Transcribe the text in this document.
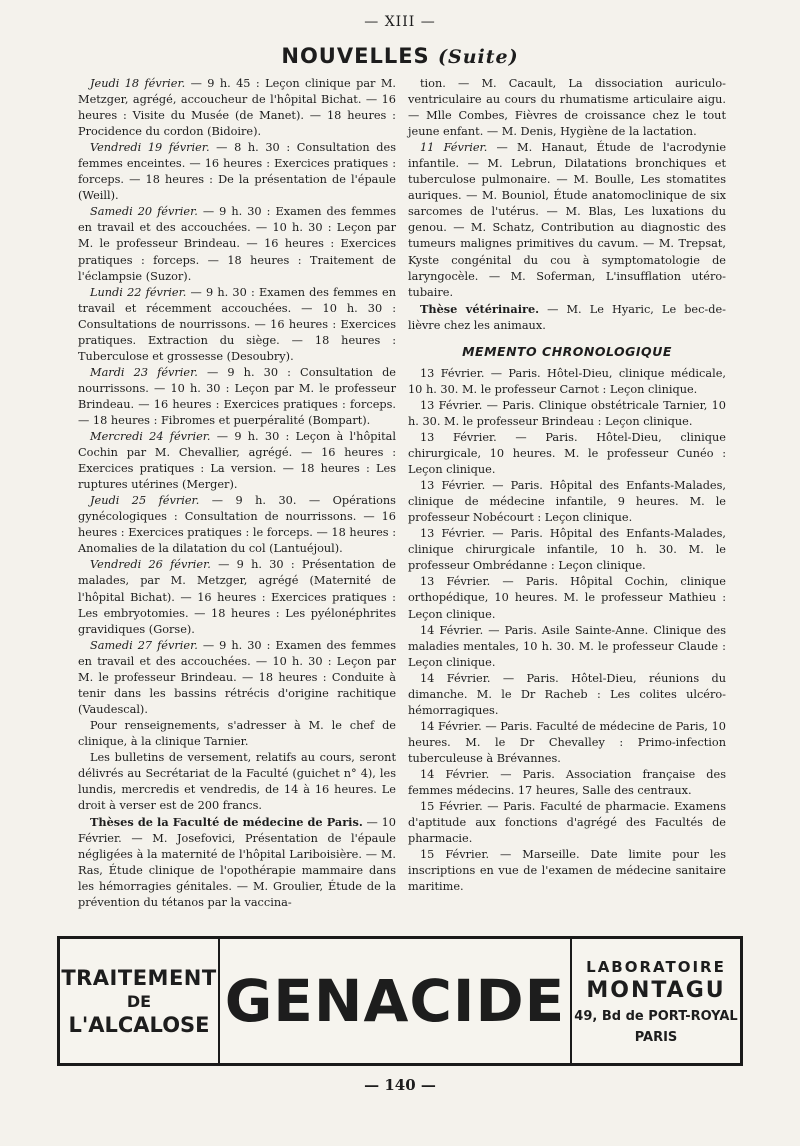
— XIII —
NOUVELLES (Suite)

Jeudi 18 février. — 9 h. 45 : Leçon clinique par M. Metzger, agrégé, accoucheur de l'hôpital Bichat. — 16 heures : Visite du Musée (de Manet). — 18 heures : Procidence du cordon (Bidoire).

Vendredi 19 février. — 8 h. 30 : Consultation des femmes enceintes. — 16 heures : Exercices pratiques : forceps. — 18 heures : De la présentation de l'épaule (Weill).

Samedi 20 février. — 9 h. 30 : Examen des femmes en travail et des accouchées. — 10 h. 30 : Leçon par M. le professeur Brindeau. — 16 heures : Exercices pratiques : forceps. — 18 heures : Traitement de l'éclampsie (Suzor).

Lundi 22 février. — 9 h. 30 : Examen des femmes en travail et récemment accouchées. — 10 h. 30 : Consultations de nourrissons. — 16 heures : Exercices pratiques. Extraction du siège. — 18 heures : Tuberculose et grossesse (Desoubry).

Mardi 23 février. — 9 h. 30 : Consultation de nourrissons. — 10 h. 30 : Leçon par M. le professeur Brindeau. — 16 heures : Exercices pratiques : forceps. — 18 heures : Fibromes et puerpéralité (Bompart).

Mercredi 24 février. — 9 h. 30 : Leçon à l'hôpital Cochin par M. Chevallier, agrégé. — 16 heures : Exercices pratiques : La version. — 18 heures : Les ruptures utérines (Merger).

Jeudi 25 février. — 9 h. 30. — Opérations gynécologiques : Consultation de nourrissons. — 16 heures : Exercices pratiques : le forceps. — 18 heures : Anomalies de la dilatation du col (Lantuéjoul).

Vendredi 26 février. — 9 h. 30 : Présentation de malades, par M. Metzger, agrégé (Maternité de l'hôpital Bichat). — 16 heures : Exercices pratiques : Les embryotomies. — 18 heures : Les pyélonéphrites gravidiques (Gorse).

Samedi 27 février. — 9 h. 30 : Examen des femmes en travail et des accouchées. — 10 h. 30 : Leçon par M. le professeur Brindeau. — 18 heures : Conduite à tenir dans les bassins rétrécis d'origine rachitique (Vaudescal).

Pour renseignements, s'adresser à M. le chef de clinique, à la clinique Tarnier.

Les bulletins de versement, relatifs au cours, seront délivrés au Secrétariat de la Faculté (guichet n° 4), les lundis, mercredis et vendredis, de 14 à 16 heures. Le droit à verser est de 200 francs.

Thèses de la Faculté de médecine de Paris. — 10 Février. — M. Josefovici, Présentation de l'épaule négligées à la maternité de l'hôpital Lariboisière. — M. Ras, Étude clinique de l'opothérapie mammaire dans les hémorragies génitales. — M. Groulier, Étude de la prévention du tétanos par la vaccina-

tion. — M. Cacault, La dissociation auriculo-ventriculaire au cours du rhumatisme articulaire aigu. — Mlle Combes, Fièvres de croissance chez le tout jeune enfant. — M. Denis, Hygiène de la lactation.

11 Février. — M. Hanaut, Étude de l'acrodynie infantile. — M. Lebrun, Dilatations bronchiques et tuberculose pulmonaire. — M. Boulle, Les stomatites auriques. — M. Bouniol, Étude anatomoclinique de six sarcomes de l'utérus. — M. Blas, Les luxations du genou. — M. Schatz, Contribution au diagnostic des tumeurs malignes primitives du cavum. — M. Trepsat, Kyste congénital du cou à symptomatologie de laryngocèle. — M. Soferman, L'insufflation utéro-tubaire.

Thèse vétérinaire. — M. Le Hyaric, Le bec-de-lièvre chez les animaux.

MEMENTO CHRONOLOGIQUE

13 Février. — Paris. Hôtel-Dieu, clinique médicale, 10 h. 30. M. le professeur Carnot : Leçon clinique.

13 Février. — Paris. Clinique obstétricale Tarnier, 10 h. 30. M. le professeur Brindeau : Leçon clinique.

13 Février. — Paris. Hôtel-Dieu, clinique chirurgicale, 10 heures. M. le professeur Cunéo : Leçon clinique.

13 Février. — Paris. Hôpital des Enfants-Malades, clinique de médecine infantile, 9 heures. M. le professeur Nobécourt : Leçon clinique.

13 Février. — Paris. Hôpital des Enfants-Malades, clinique chirurgicale infantile, 10 h. 30. M. le professeur Ombrédanne : Leçon clinique.

13 Février. — Paris. Hôpital Cochin, clinique orthopédique, 10 heures. M. le professeur Mathieu : Leçon clinique.

14 Février. — Paris. Asile Sainte-Anne. Clinique des maladies mentales, 10 h. 30. M. le professeur Claude : Leçon clinique.

14 Février. — Paris. Hôtel-Dieu, réunions du dimanche. M. le Dr Racheb : Les colites ulcéro-hémorragiques.

14 Février. — Paris. Faculté de médecine de Paris, 10 heures. M. le Dr Chevalley : Primo-infection tuberculeuse à Brévannes.

14 Février. — Paris. Association française des femmes médecins. 17 heures, Salle des centraux.

15 Février. — Paris. Faculté de pharmacie. Examens d'aptitude aux fonctions d'agrégé des Facultés de pharmacie.

15 Février. — Marseille. Date limite pour les inscriptions en vue de l'examen de médecine sanitaire maritime.

TRAITEMENT
DE
L'ALCALOSE GENACIDE
LABORATOIRE
MONTAGU
49, Bd de PORT-ROYAL
PARIS
— 140 —
